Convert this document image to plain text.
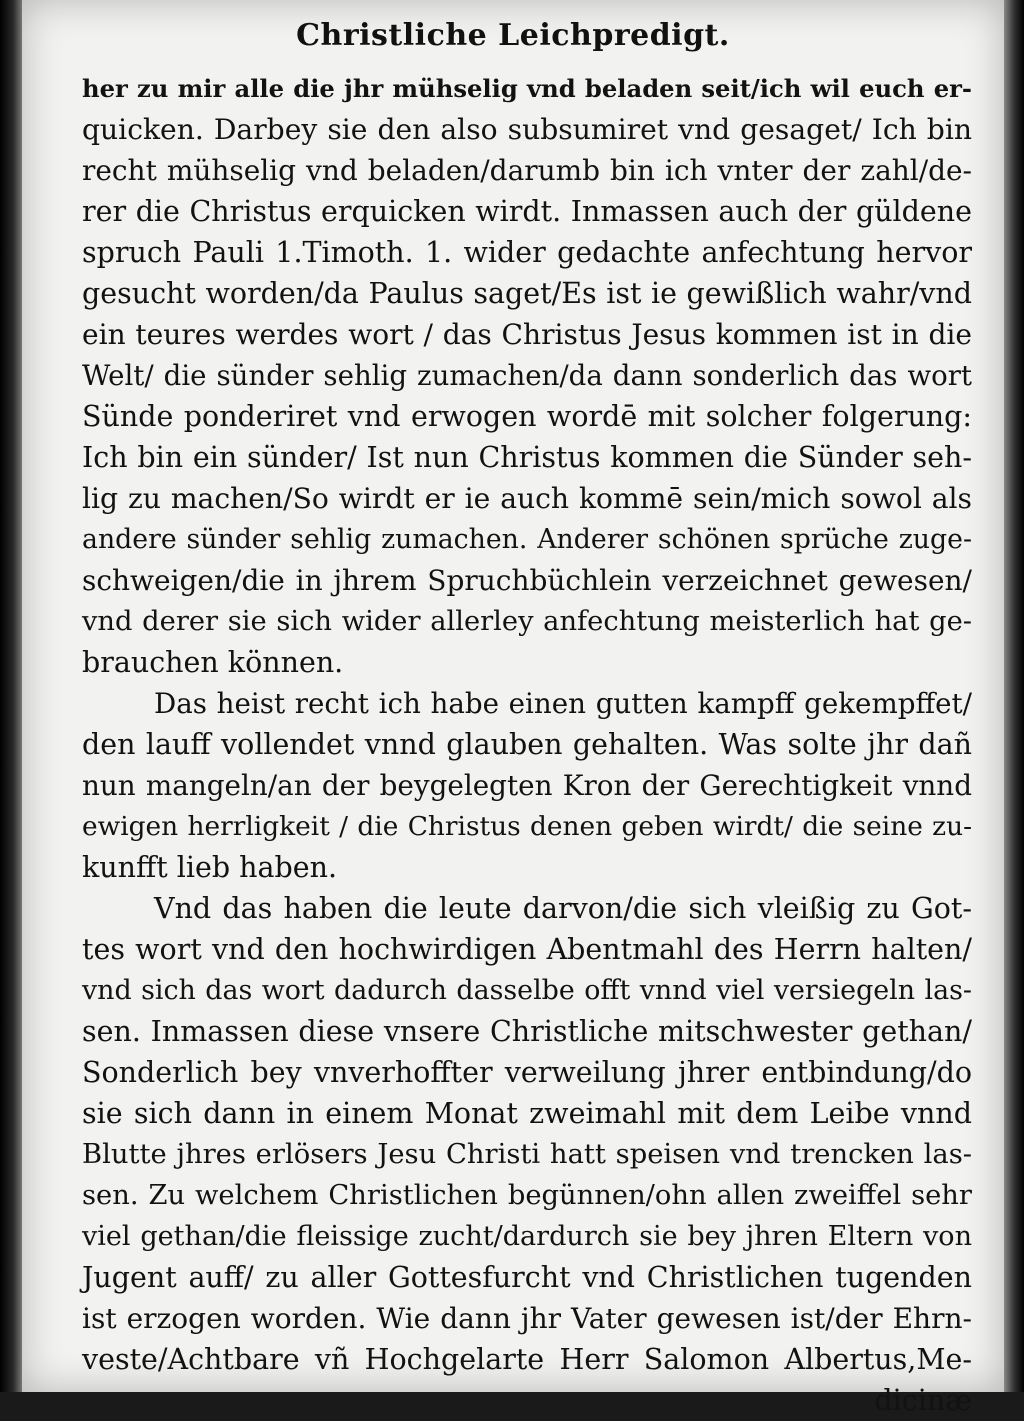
Christliche Leichpredigt.
her zu mir alle die jhr mühselig vnd beladen seit/ich wil euch er-
quicken. Darbey sie den also subsumiret vnd gesaget/ Ich bin
recht mühselig vnd beladen/darumb bin ich vnter der zahl/de-
rer die Christus erquicken wirdt. Inmassen auch der güldene
spruch Pauli 1.Timoth. 1. wider gedachte anfechtung hervor
gesucht worden/da Paulus saget/Es ist ie gewißlich wahr/vnd
ein teures werdes wort / das Christus Jesus kommen ist in die
Welt/ die sünder sehlig zumachen/da dann sonderlich das wort
Sünde ponderiret vnd erwogen wordē mit solcher folgerung:
Ich bin ein sünder/ Ist nun Christus kommen die Sünder seh-
lig zu machen/So wirdt er ie auch kommē sein/mich sowol als
andere sünder sehlig zumachen. Anderer schönen sprüche zuge-
schweigen/die in jhrem Spruchbüchlein verzeichnet gewesen/
vnd derer sie sich wider allerley anfechtung meisterlich hat ge-
brauchen können.
Das heist recht ich habe einen gutten kampff gekempffet/
den lauff vollendet vnnd glauben gehalten. Was solte jhr dañ
nun mangeln/an der beygelegten Kron der Gerechtigkeit vnnd
ewigen herrligkeit / die Christus denen geben wirdt/ die seine zu-
kunfft lieb haben.
Vnd das haben die leute darvon/die sich vleißig zu Got-
tes wort vnd den hochwirdigen Abentmahl des Herrn halten/
vnd sich das wort dadurch dasselbe offt vnnd viel versiegeln las-
sen. Inmassen diese vnsere Christliche mitschwester gethan/
Sonderlich bey vnverhoffter verweilung jhrer entbindung/do
sie sich dann in einem Monat zweimahl mit dem Leibe vnnd
Blutte jhres erlösers Jesu Christi hatt speisen vnd trencken las-
sen. Zu welchem Christlichen begünnen/ohn allen zweiffel sehr
viel gethan/die fleissige zucht/dardurch sie bey jhren Eltern von
Jugent auff/ zu aller Gottesfurcht vnd Christlichen tugenden
ist erzogen worden. Wie dann jhr Vater gewesen ist/der Ehrn-
veste/Achtbare vñ Hochgelarte Herr Salomon Albertus,Me-
dicinæ
